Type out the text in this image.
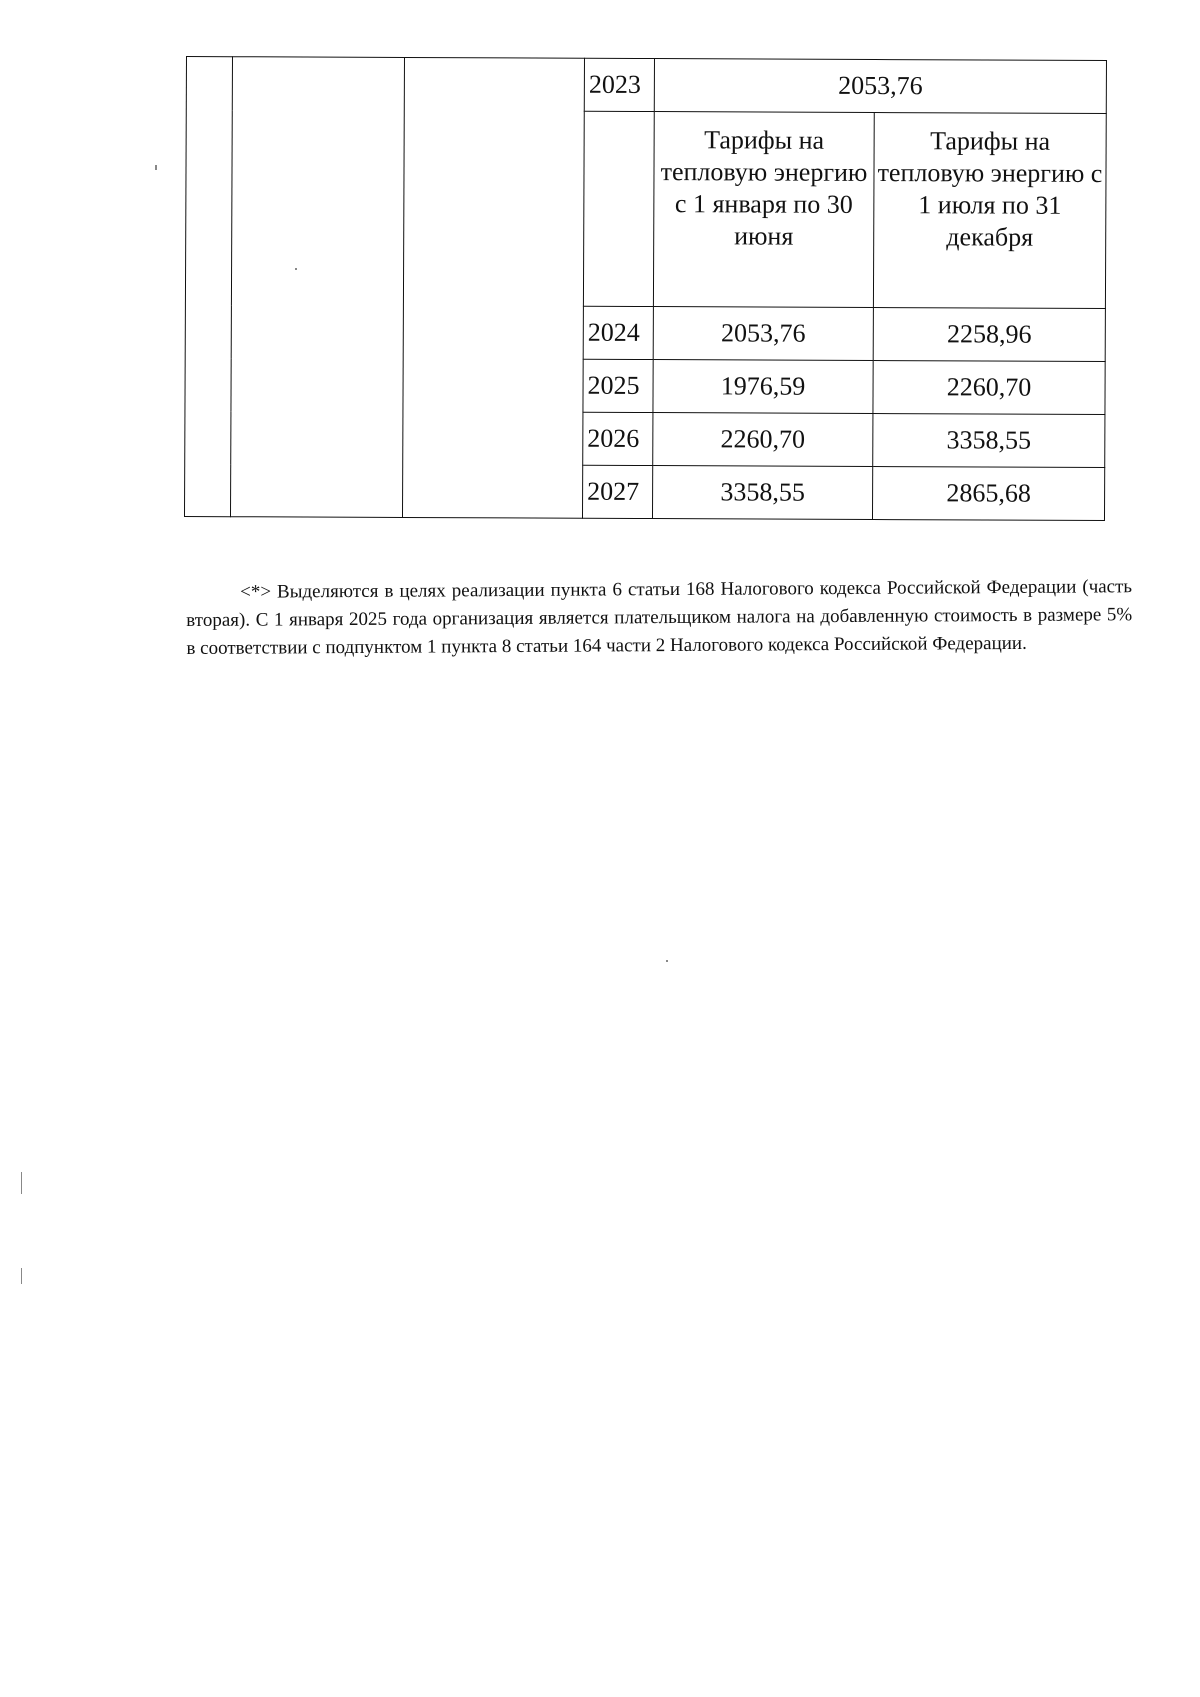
			2023	2053,76	
				Тарифы на тепловую энергию с 1 января по 30 июня	Тарифы на тепловую энергию с 1 июля по 31 декабря
			2024	2053,76	2258,96
			2025	1976,59	2260,70
			2026	2260,70	3358,55
			2027	3358,55	2865,68

<*> Выделяются в целях реализации пункта 6 статьи 168 Налогового кодекса Российской Федерации (часть вторая). С 1 января 2025 года организация является плательщиком налога на добавленную стоимость в размере 5% в соответствии с подпунктом 1 пункта 8 статьи 164 части 2 Налогового кодекса Российской Федерации.
